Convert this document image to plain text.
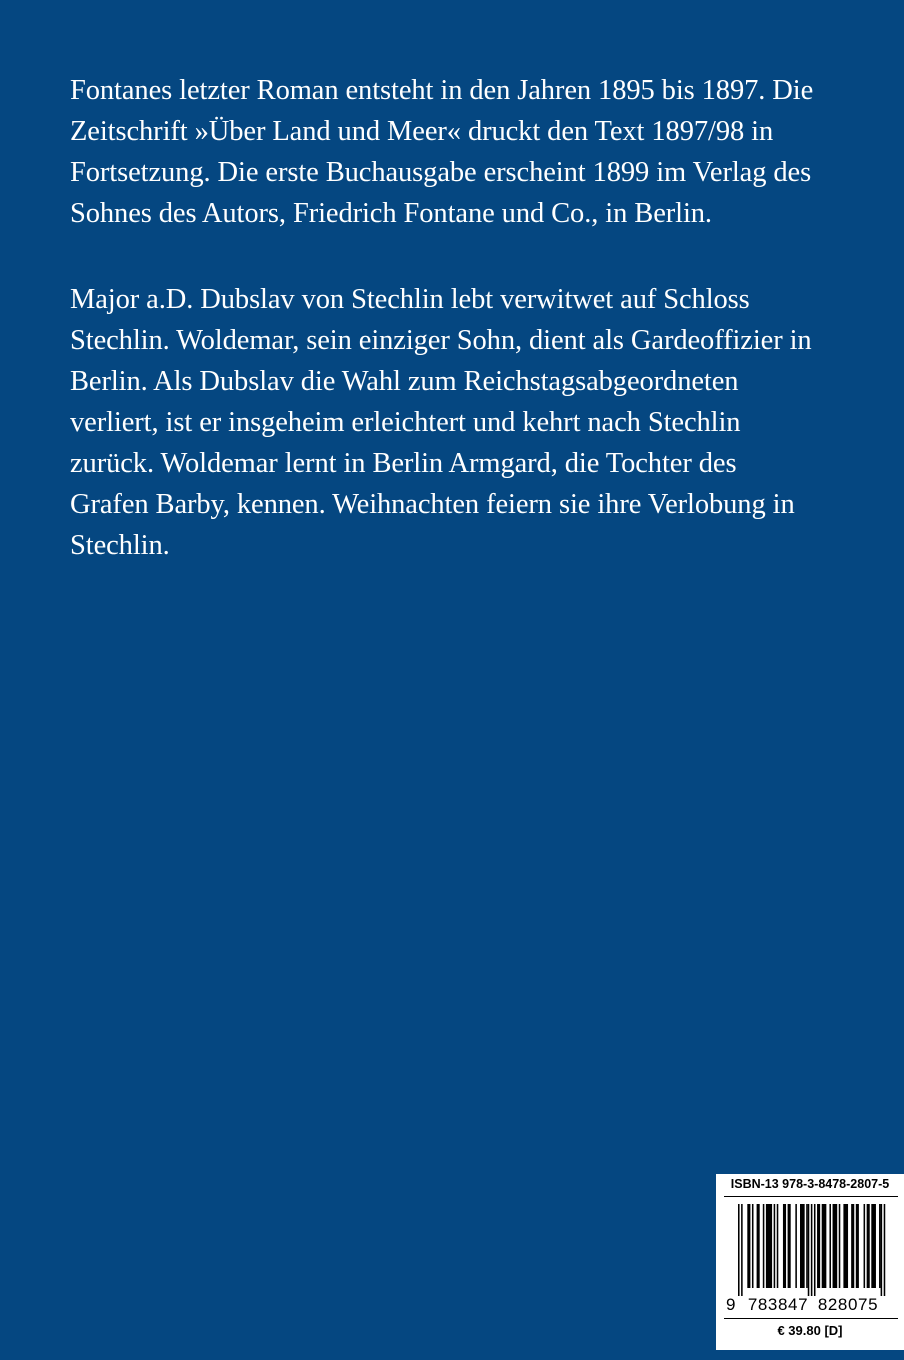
Fontanes letzter Roman entsteht in den Jahren 1895 bis 1897. Die
Zeitschrift »Über Land und Meer« druckt den Text 1897/98 in
Fortsetzung. Die erste Buchausgabe erscheint 1899 im Verlag des
Sohnes des Autors, Friedrich Fontane und Co., in Berlin.
Major a.D. Dubslav von Stechlin lebt verwitwet auf Schloss
Stechlin. Woldemar, sein einziger Sohn, dient als Gardeoffizier in
Berlin. Als Dubslav die Wahl zum Reichstagsabgeordneten
verliert, ist er insgeheim erleichtert und kehrt nach Stechlin
zurück. Woldemar lernt in Berlin Armgard, die Tochter des
Grafen Barby, kennen. Weihnachten feiern sie ihre Verlobung in
Stechlin.
ISBN-13 978-3-8478-2807-5
9 783847 828075
€ 39.80 [D]
